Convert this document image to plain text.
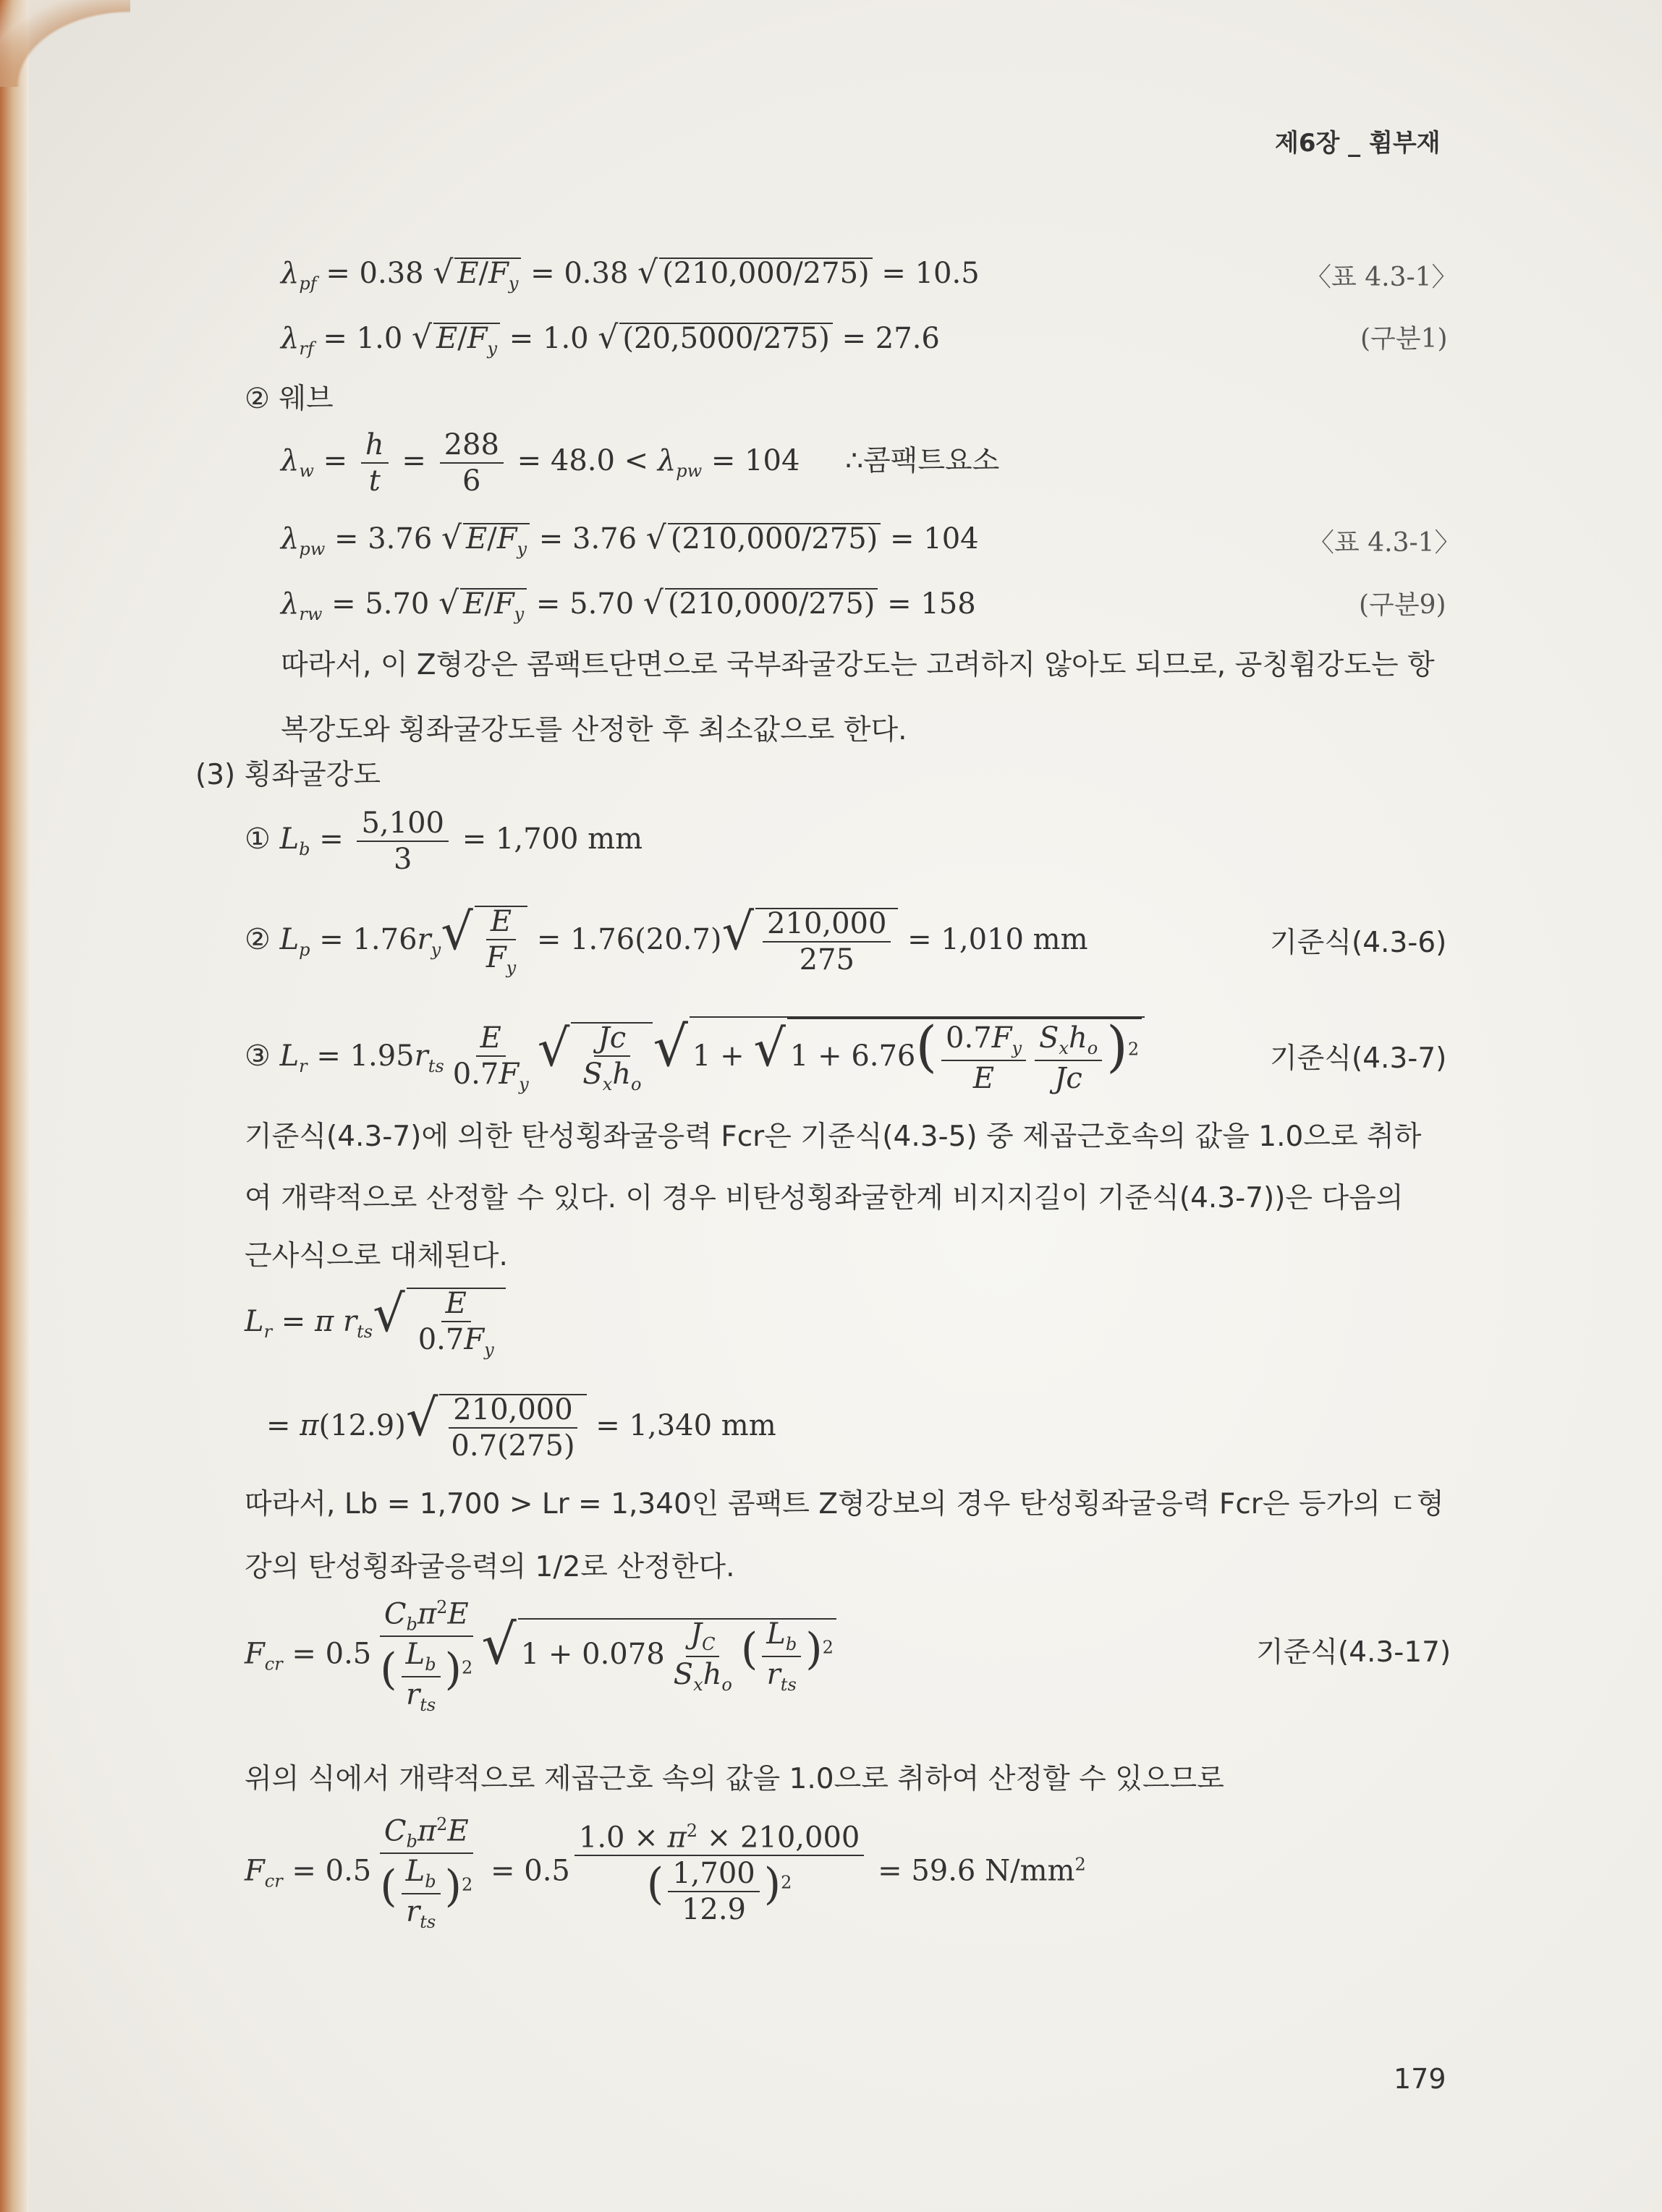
제6장 _ 휨부재
$\lambda_{pf} = 0.38$ √ $E/F_y = 0.38$ √ (210,000/275) = 10.5	〈표 4.3-1〉
$\lambda_{rf} = 1.0$ √ $E/F_y = 1.0$ √ (20,5000/275) = 27.6	(구분1)
② 웨브
$\lambda_w = \frac{h}{t} = \frac{288}{6} = 48.0 < \lambda_{pw} = 104$ ∴콤팩트요소
$\lambda_{pw} = 3.76$ √ $E/F_y = 3.76$ √ (210,000/275) = 104	〈표 4.3-1〉
$\lambda_{rw} = 5.70$ √ $E/F_y = 5.70$ √ (210,000/275) = 158	(구분9)
따라서, 이 Z형강은 콤팩트단면으로 국부좌굴강도는 고려하지 않아도 되므로, 공칭휨강도는 항
복강도와 횡좌굴강도를 산정한 후 최소값으로 한다.
(3) 횡좌굴강도
① $L_b = \frac{5,100}{3} = 1,700$ mm
② $L_p = 1.76r_y√ \frac{E}{F_y} = 1.76(20.7)√ \frac{210,000}{275} = 1,010$ mm	기준식(4.3-6)
③ $L_r = 1.95r_{ts} \frac{E}{0.7F_y}$ √ $\frac{Jc}{S_xh_o}$ √ 1 + √ $1 + 6.76( \frac{0.7F_y}{E} \frac{S_xh_o}{Jc} )^2$	기준식(4.3-7)
기준식(4.3-7)에 의한 탄성횡좌굴응력 Fcr은 기준식(4.3-5) 중 제곱근호속의 값을 1.0으로 취하
여 개략적으로 산정할 수 있다. 이 경우 비탄성횡좌굴한계 비지지길이 기준식(4.3-7))은 다음의
근사식으로 대체된다.
$L_r = \pi$ $r_{ts}√ \frac{E}{0.7F_y}$
= $\pi(12.9)√ \frac{210,000}{0.7(275)} = 1,340$ mm
따라서, Lb = 1,700 > Lr = 1,340인 콤팩트 Z형강보의 경우 탄성횡좌굴응력 Fcr은 등가의 ㄷ형
강의 탄성횡좌굴응력의 1/2로 산정한다.
$F_{cr} = 0.5 \frac{C_b\pi^2E}{( \frac{L_b}{r_{ts}} )^2}$ √ $1 + 0.078 \frac{J_C}{S_xh_o}$ ( $\frac{L_b}{r_{ts}} )^2$	기준식(4.3-17)
위의 식에서 개략적으로 제곱근호 속의 값을 1.0으로 취하여 산정할 수 있으므로
$F_{cr} = 0.5 \frac{C_b\pi^2E}{( \frac{L_b}{r_{ts}} )^2} = 0.5 \frac{1.0 \times \pi^2 \times 210,000}{( \frac{1,700}{12.9} )^2} = 59.6$ $N/mm^2$
179
